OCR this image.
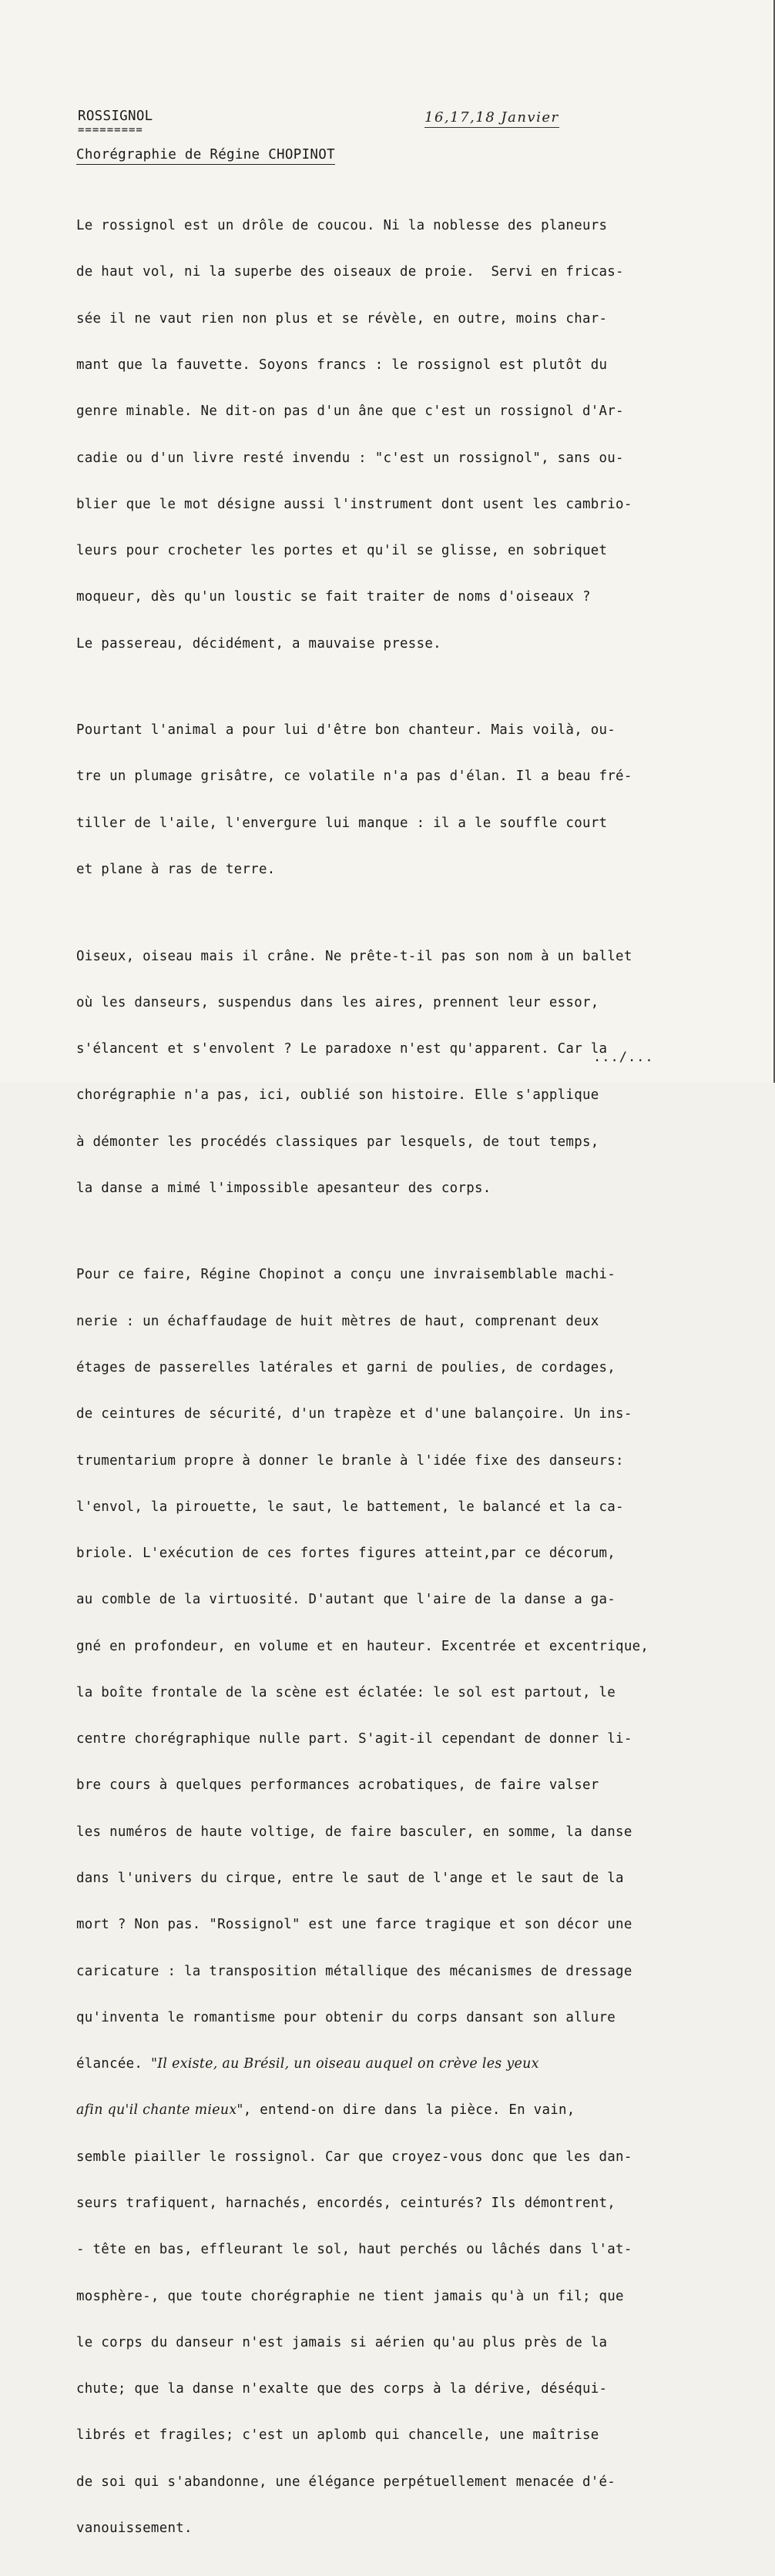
ROSSIGNOL
=========
16,17,18 Janvier
Chorégraphie de Régine CHOPINOT

Le rossignol est un drôle de coucou. Ni la noblesse des planeurs

de haut vol, ni la superbe des oiseaux de proie.  Servi en fricas-

sée il ne vaut rien non plus et se révèle, en outre, moins char-

mant que la fauvette. Soyons francs : le rossignol est plutôt du

genre minable. Ne dit-on pas d'un âne que c'est un rossignol d'Ar-

cadie ou d'un livre resté invendu : "c'est un rossignol", sans ou-

blier que le mot désigne aussi l'instrument dont usent les cambrio-

leurs pour crocheter les portes et qu'il se glisse, en sobriquet

moqueur, dès qu'un loustic se fait traiter de noms d'oiseaux ?

Le passereau, décidément, a mauvaise presse.

Pourtant l'animal a pour lui d'être bon chanteur. Mais voilà, ou-

tre un plumage grisâtre, ce volatile n'a pas d'élan. Il a beau fré-

tiller de l'aile, l'envergure lui manque : il a le souffle court

et plane à ras de terre.

Oiseux, oiseau mais il crâne. Ne prête-t-il pas son nom à un ballet

où les danseurs, suspendus dans les aires, prennent leur essor,

s'élancent et s'envolent ? Le paradoxe n'est qu'apparent. Car la

chorégraphie n'a pas, ici, oublié son histoire. Elle s'applique

à démonter les procédés classiques par lesquels, de tout temps,

la danse a mimé l'impossible apesanteur des corps.

Pour ce faire, Régine Chopinot a conçu une invraisemblable machi-

nerie : un échaffaudage de huit mètres de haut, comprenant deux

étages de passerelles latérales et garni de poulies, de cordages,

de ceintures de sécurité, d'un trapèze et d'une balançoire. Un ins-

trumentarium propre à donner le branle à l'idée fixe des danseurs:

l'envol, la pirouette, le saut, le battement, le balancé et la ca-

briole. L'exécution de ces fortes figures atteint,par ce décorum,

au comble de la virtuosité. D'autant que l'aire de la danse a ga-

gné en profondeur, en volume et en hauteur. Excentrée et excentrique,

la boîte frontale de la scène est éclatée: le sol est partout, le

centre chorégraphique nulle part. S'agit-il cependant de donner li-

bre cours à quelques performances acrobatiques, de faire valser

les numéros de haute voltige, de faire basculer, en somme, la danse

dans l'univers du cirque, entre le saut de l'ange et le saut de la

mort ? Non pas. "Rossignol" est une farce tragique et son décor une

caricature : la transposition métallique des mécanismes de dressage

qu'inventa le romantisme pour obtenir du corps dansant son allure

élancée. "Il existe, au Brésil, un oiseau auquel on crève les yeux

afin qu'il chante mieux", entend-on dire dans la pièce. En vain,

semble piailler le rossignol. Car que croyez-vous donc que les dan-

seurs trafiquent, harnachés, encordés, ceinturés? Ils démontrent,

- tête en bas, effleurant le sol, haut perchés ou lâchés dans l'at-

mosphère-, que toute chorégraphie ne tient jamais qu'à un fil; que

le corps du danseur n'est jamais si aérien qu'au plus près de la

chute; que la danse n'exalte que des corps à la dérive, déséqui-

librés et fragiles; c'est un aplomb qui chancelle, une maîtrise

de soi qui s'abandonne, une élégance perpétuellement menacée d'é-

vanouissement.

.../...
